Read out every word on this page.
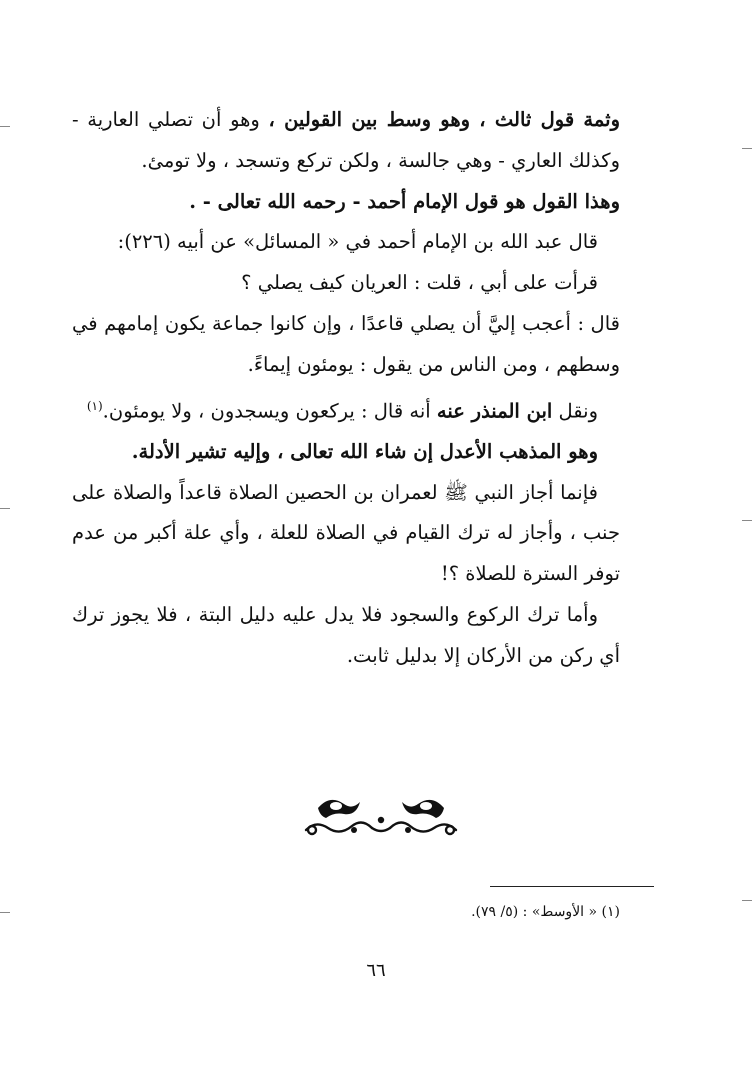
وثمة قول ثالث ، وهو وسط بين القولين ، وهو أن تصلي العارية - وكذلك العاري - وهي جالسة ، ولكن تركع وتسجد ، ولا تومئ.

وهذا القول هو قول الإمام أحمد - رحمه الله تعالى - .

قال عبد الله بن الإمام أحمد في « المسائل» عن أبيه (٢٢٦):

قرأت على أبي ، قلت : العريان كيف يصلي ؟

قال : أعجب إليَّ أن يصلي قاعدًا ، وإن كانوا جماعة يكون إمامهم في وسطهم ، ومن الناس من يقول : يومئون إيماءً.

ونقل ابن المنذر عنه أنه قال : يركعون ويسجدون ، ولا يومئون.$^{(١)}$

وهو المذهب الأعدل إن شاء الله تعالى ، وإليه تشير الأدلة.

فإنما أجاز النبي ﷺ لعمران بن الحصين الصلاة قاعداً والصلاة على جنب ، وأجاز له ترك القيام في الصلاة للعلة ، وأي علة أكبر من عدم توفر السترة للصلاة ؟!

وأما ترك الركوع والسجود فلا يدل عليه دليل البتة ، فلا يجوز ترك أي ركن من الأركان إلا بدليل ثابت.

(١) « الأوسط» : (٥/ ٧٩).
٦٦
